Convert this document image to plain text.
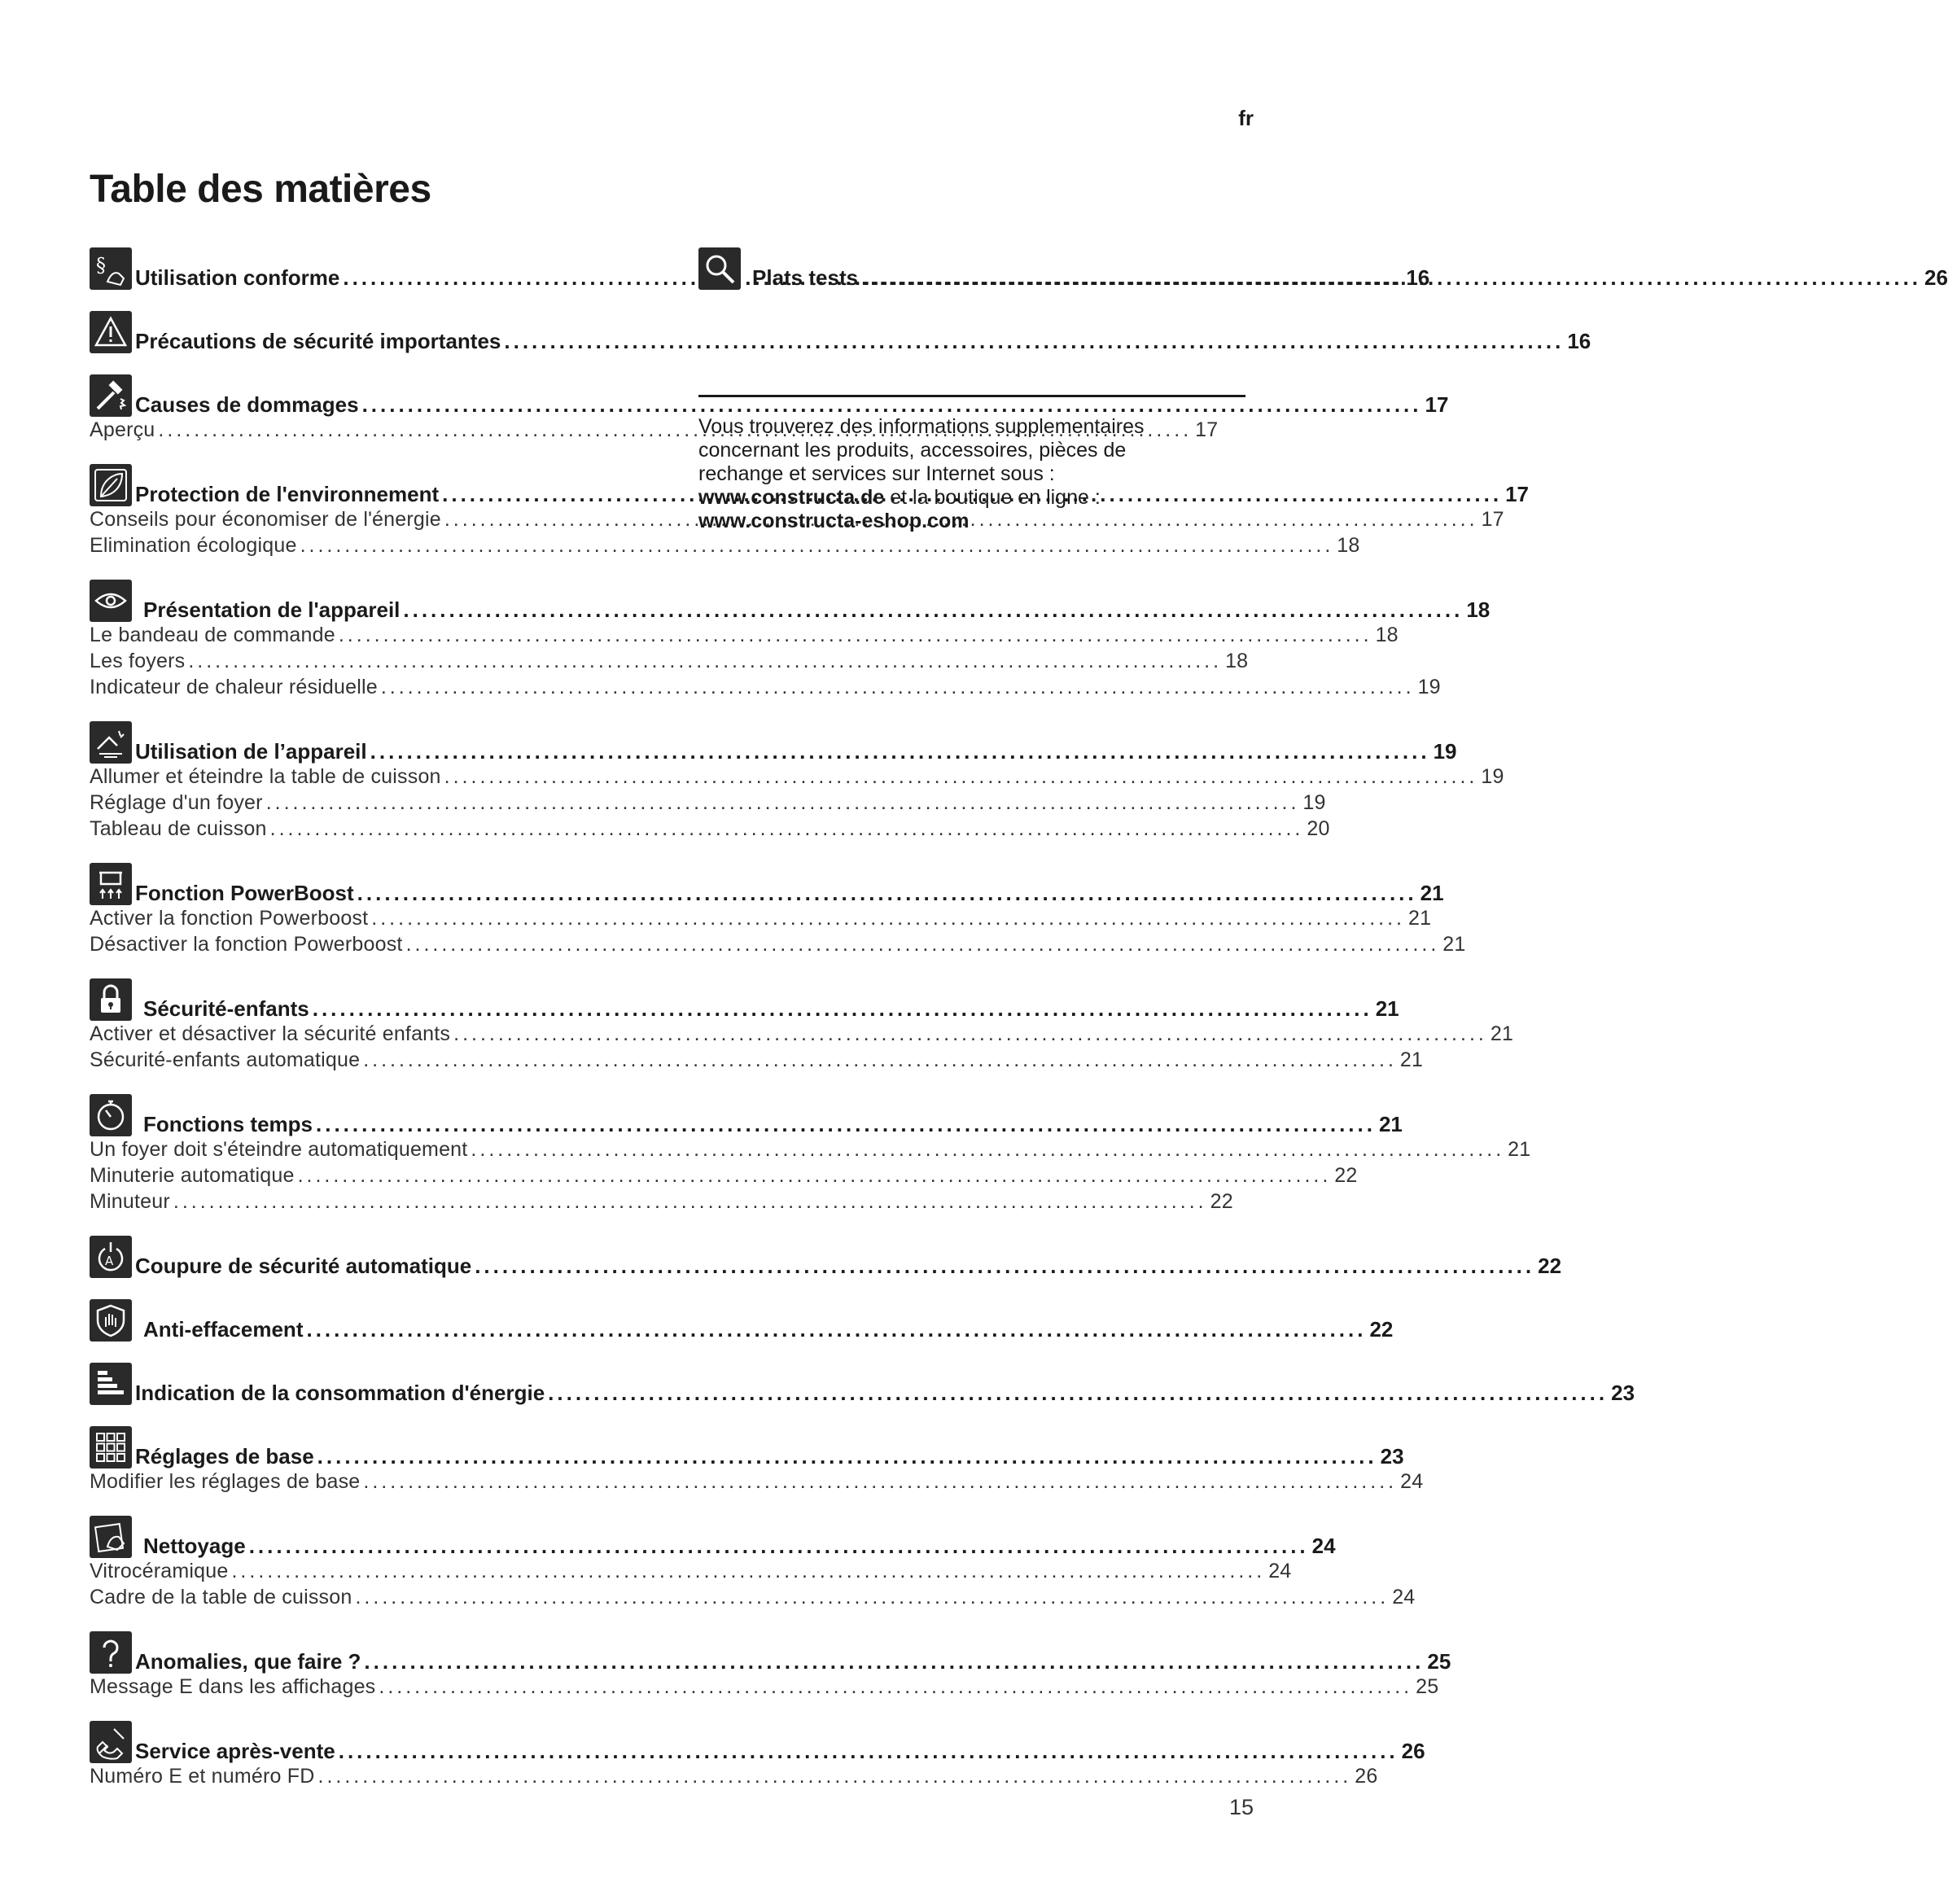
fr
Table des matières
§ Utilisation conforme .....	16
Précautions de sécurité importantes .....	16
Causes de dommages .....	17
Aperçu .....	17
Protection de l'environnement .....	17
Conseils pour économiser de l'énergie .....	17
Elimination écologique .....	18
Présentation de l'appareil .....	18
Le bandeau de commande .....	18
Les foyers .....	18
Indicateur de chaleur résiduelle .....	19
Utilisation de l’appareil .....	19
Allumer et éteindre la table de cuisson .....	19
Réglage d'un foyer .....	19
Tableau de cuisson .....	20
Fonction PowerBoost .....	21
Activer la fonction Powerboost .....	21
Désactiver la fonction Powerboost .....	21
Sécurité-enfants .....	21
Activer et désactiver la sécurité enfants .....	21
Sécurité-enfants automatique .....	21
Fonctions temps .....	21
Un foyer doit s'éteindre automatiquement .....	21
Minuterie automatique .....	22
Minuteur .....	22
A Coupure de sécurité automatique .....	22
Anti-effacement .....	22
Indication de la consommation d'énergie .....	23
Réglages de base .....	23
Modifier les réglages de base .....	24
Nettoyage .....	24
Vitrocéramique .....	24
Cadre de la table de cuisson .....	24
Anomalies, que faire ? .....	25
Message E dans les affichages .....	25
Service après-vente .....	26
Numéro E et numéro FD .....	26
Plats tests .....	26
Vous trouverez des informations supplementaires
concernant les produits, accessoires, pièces de
rechange et services sur Internet sous :
www.constructa.de et la boutique en ligne :
www.constructa-eshop.com
15
